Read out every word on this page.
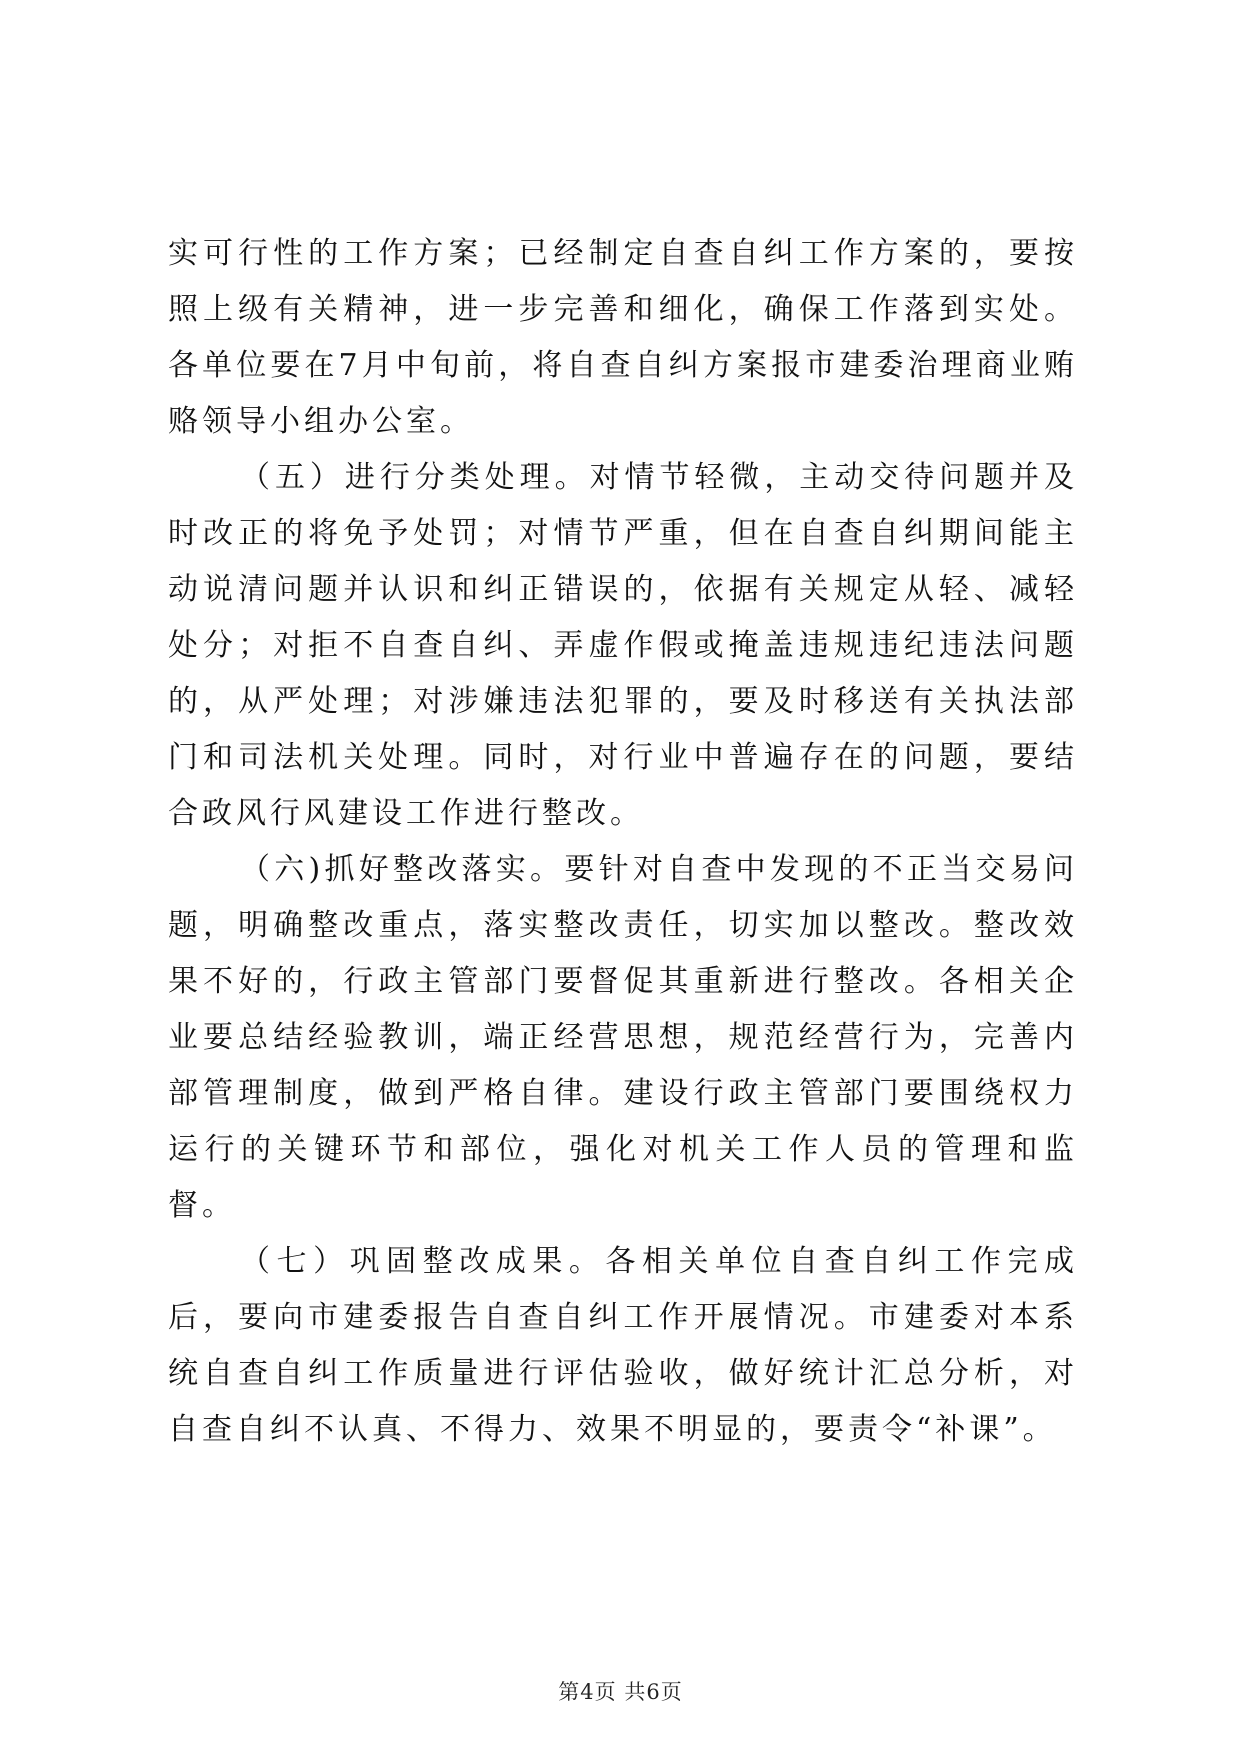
实可行性的工作方案；已经制定自查自纠工作方案的，要按照上级有关精神，进一步完善和细化，确保工作落到实处。各单位要在7月中旬前，将自查自纠方案报市建委治理商业贿赂领导小组办公室。

（五）进行分类处理。对情节轻微，主动交待问题并及时改正的将免予处罚；对情节严重，但在自查自纠期间能主动说清问题并认识和纠正错误的，依据有关规定从轻、减轻处分；对拒不自查自纠、弄虚作假或掩盖违规违纪违法问题的，从严处理；对涉嫌违法犯罪的，要及时移送有关执法部门和司法机关处理。同时，对行业中普遍存在的问题，要结合政风行风建设工作进行整改。

（六)抓好整改落实。要针对自查中发现的不正当交易问题，明确整改重点，落实整改责任，切实加以整改。整改效果不好的，行政主管部门要督促其重新进行整改。各相关企业要总结经验教训，端正经营思想，规范经营行为，完善内部管理制度，做到严格自律。建设行政主管部门要围绕权力运行的关键环节和部位，强化对机关工作人员的管理和监督。

（七）巩固整改成果。各相关单位自查自纠工作完成后，要向市建委报告自查自纠工作开展情况。市建委对本系统自查自纠工作质量进行评估验收，做好统计汇总分析，对自查自纠不认真、不得力、效果不明显的，要责令“补课”。

第4页 共6页
